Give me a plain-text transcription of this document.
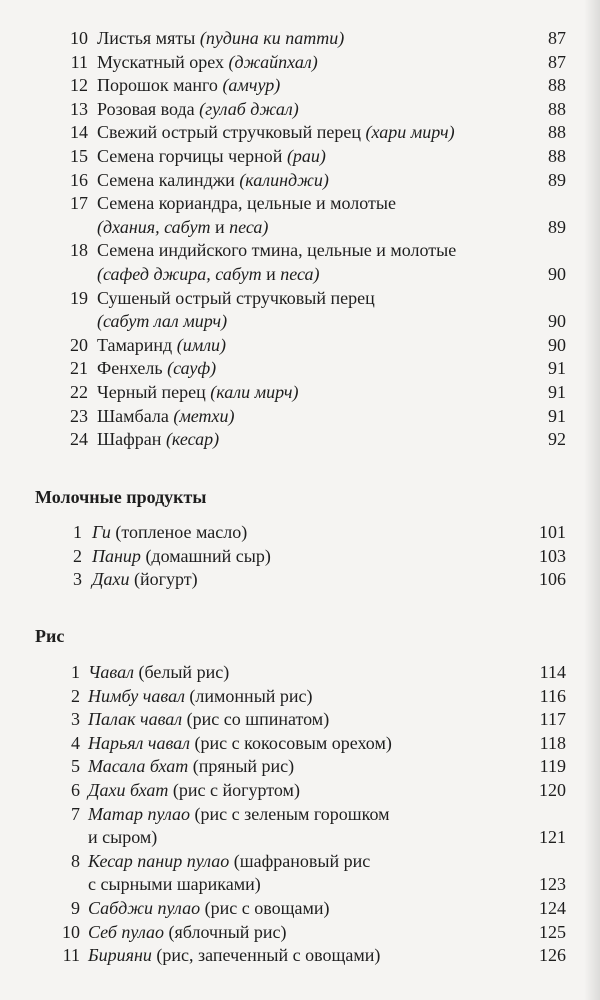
10 Листья мяты (пудина ки патти)	87
11 Мускатный орех (джайпхал)	87
12 Порошок манго (амчур)	88
13 Розовая вода (гулаб джал)	88
14 Свежий острый стручковый перец (хари мирч)	88
15 Семена горчицы черной (раи)	88
16 Семена калинджи (калинджи)	89
17 Семена кориандра, цельные и молотые
(дхания, сабут и песа)	89
18 Семена индийского тмина, цельные и молотые
(сафед джира, сабут и песа)	90
19 Сушеный острый стручковый перец
(сабут лал мирч)	90
20 Тамаринд (имли)	90
21 Фенхель (сауф)	91
22 Черный перец (кали мирч)	91
23 Шамбала (метхи)	91
24 Шафран (кесар)	92
Молочные продукты
1 Ги (топленое масло)	101
2 Панир (домашний сыр)	103
3 Дахи (йогурт)	106
Рис
1 Чавал (белый рис)	114
2 Нимбу чавал (лимонный рис)	116
3 Палак чавал (рис со шпинатом)	117
4 Нарьял чавал (рис с кокосовым орехом)	118
5 Масала бхат (пряный рис)	119
6 Дахи бхат (рис с йогуртом)	120
7 Матар пулао (рис с зеленым горошком
и сыром)	121
8 Кесар панир пулао (шафрановый рис
с сырными шариками)	123
9 Сабджи пулао (рис с овощами)	124
10 Себ пулао (яблочный рис)	125
11 Бирияни (рис, запеченный с овощами)	126
